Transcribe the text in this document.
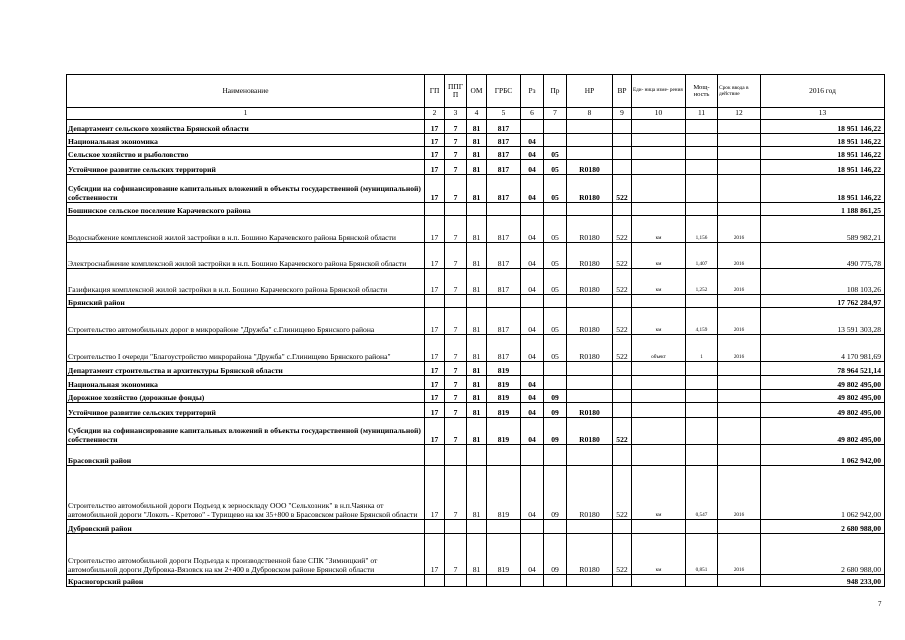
Наименование	ГП	ППГП	ОМ	ГРБС	Рз	Пр	НР	ВР	Еди- ница изме- рения	Мощ- ность	Срок ввода в действие	2016 год
1	2	3	4	5	6	7	8	9	10	11	12	13
Департамент сельского хозяйства Брянской области	17	7	81	817								18 951 146,22
Национальная экономика	17	7	81	817	04							18 951 146,22
Сельское хозяйство и рыболовство	17	7	81	817	04	05						18 951 146,22
Устойчивое развитие сельских территорий	17	7	81	817	04	05	R0180					18 951 146,22
Субсидии на софинансирование капитальных вложений в объекты государственной (муниципальной) собственности	17	7	81	817	04	05	R0180	522				18 951 146,22
Бошинское сельское поселение Карачевского района												1 188 861,25
Водоснабжение комплексной жилой застройки в н.п. Бошино Карачевского района Брянской области	17	7	81	817	04	05	R0180	522	км	1,156	2016	589 982,21
Электроснабжение комплексной жилой застройки в н.п. Бошино Карачевского района Брянской области	17	7	81	817	04	05	R0180	522	км	1,407	2016	490 775,78
Газификация комплексной жилой застройки в н.п. Бошино Карачевского района Брянской области	17	7	81	817	04	05	R0180	522	км	1,252	2016	108 103,26
Брянский район												17 762 284,97
Строительство автомобильных дорог в микрорайоне "Дружба" с.Глинищево Брянского района	17	7	81	817	04	05	R0180	522	км	4,159	2016	13 591 303,28
Строительство I очереди "Благоустройство микрорайона "Дружба" с.Глинищево Брянского района"	17	7	81	817	04	05	R0180	522	объект	1	2016	4 170 981,69
Департамент строительства и архитектуры Брянской области	17	7	81	819								78 964 521,14
Национальная экономика	17	7	81	819	04							49 802 495,00
Дорожное хозяйство (дорожные фонды)	17	7	81	819	04	09						49 802 495,00
Устойчивое развитие сельских территорий	17	7	81	819	04	09	R0180					49 802 495,00
Субсидии на софинансирование капитальных вложений в объекты государственной (муниципальной) собственности	17	7	81	819	04	09	R0180	522				49 802 495,00
Брасовский район												1 062 942,00
Строительство автомобильной дороги Подъезд к зерноскладу ООО "Сельхозник" в н.п.Чаянка от автомобильной дороги "Локоть - Кретово" - Турищево на км 35+800 в Брасовском районе Брянской области	17	7	81	819	04	09	R0180	522	км	0,547	2016	1 062 942,00
Дубровский район												2 680 988,00
Строительство автомобильной дороги Подъезда к производственной базе СПК "Зимницкий" от автомобильной дороги Дубровка-Вязовск на км 2+400 в Дубровском районе Брянской области	17	7	81	819	04	09	R0180	522	км	0,851	2016	2 680 988,00
Красногорский район												948 233,00
7
